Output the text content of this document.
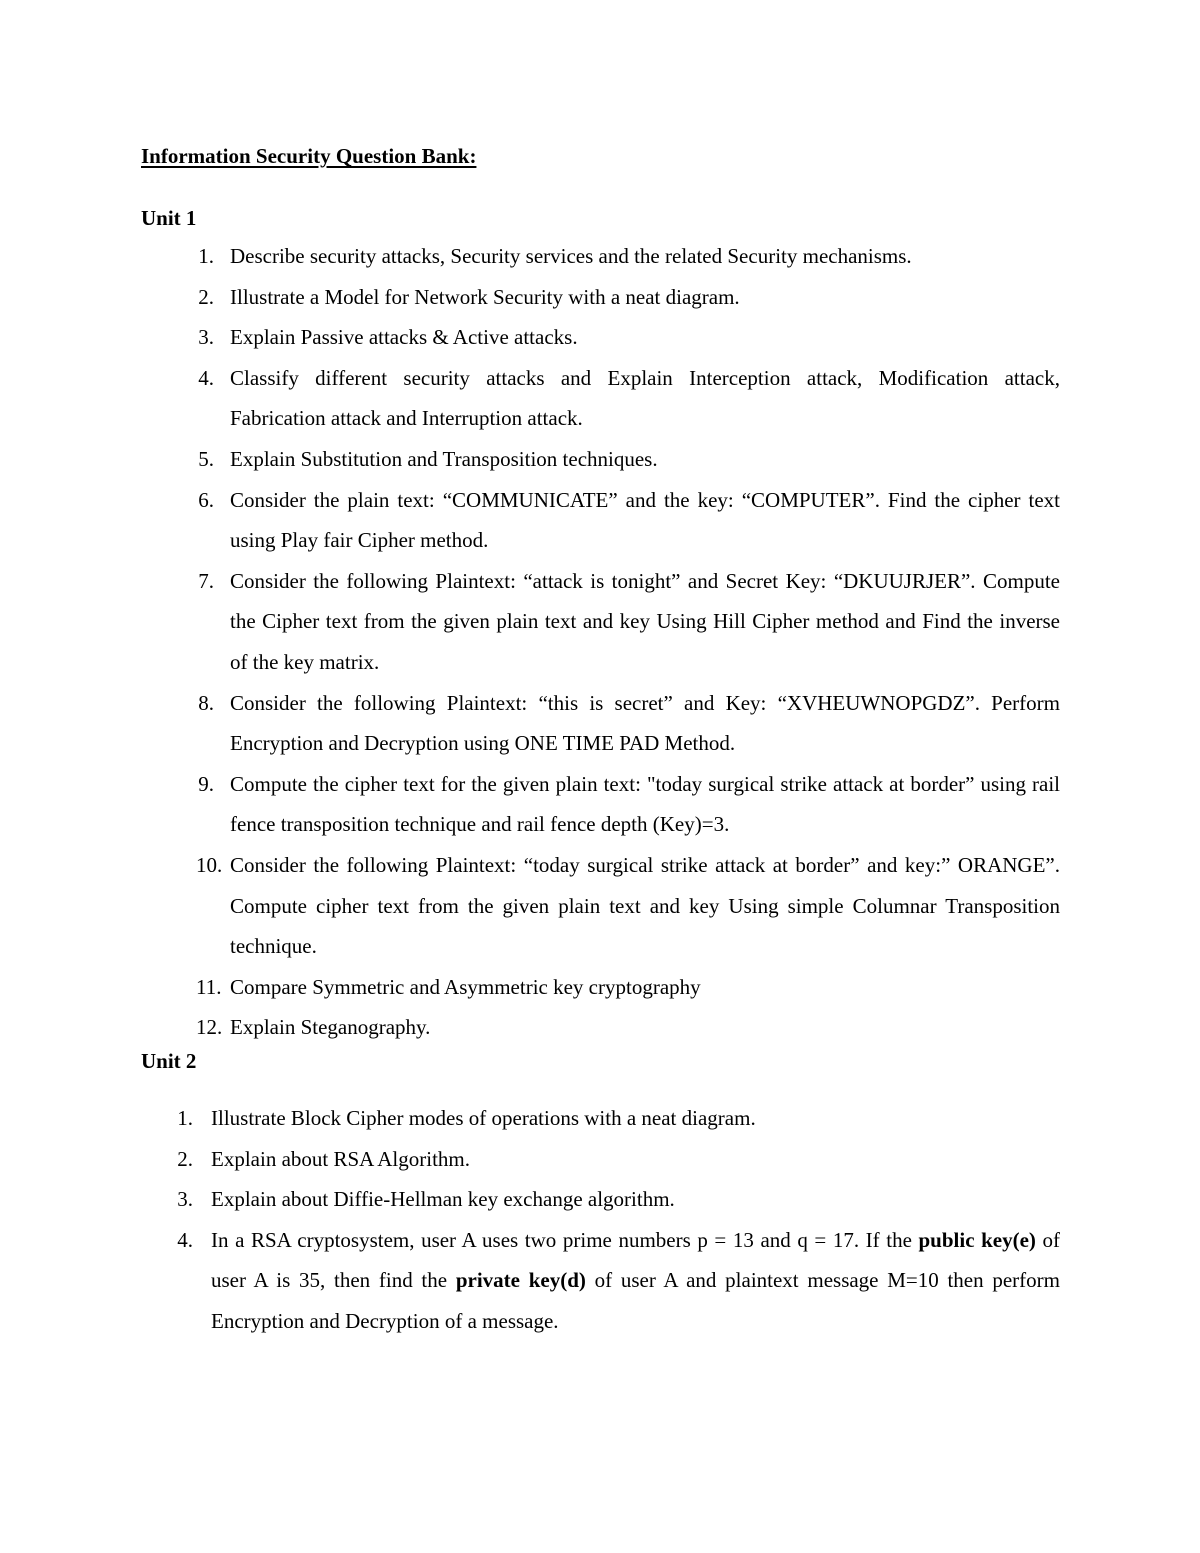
Information Security Question Bank:
Unit 1
1. Describe security attacks, Security services and the related Security mechanisms.
2. Illustrate a Model for Network Security with a neat diagram.
3. Explain Passive attacks & Active attacks.
4. Classify different security attacks and Explain Interception attack, Modification attack, Fabrication attack and Interruption attack.
5. Explain Substitution and Transposition techniques.
6. Consider the plain text: “COMMUNICATE” and the key: “COMPUTER”. Find the cipher text using Play fair Cipher method.
7. Consider the following Plaintext: “attack is tonight” and Secret Key: “DKUUJRJER”. Compute the Cipher text from the given plain text and key Using Hill Cipher method and Find the inverse of the key matrix.
8. Consider the following Plaintext: “this is secret” and Key: “XVHEUWNOPGDZ”. Perform Encryption and Decryption using ONE TIME PAD Method.
9. Compute the cipher text for the given plain text: "today surgical strike attack at border” using rail fence transposition technique and rail fence depth (Key)=3.
10. Consider the following Plaintext: “today surgical strike attack at border” and key:” ORANGE”. Compute cipher text from the given plain text and key Using simple Columnar Transposition technique.
11. Compare Symmetric and Asymmetric key cryptography
12. Explain Steganography.
Unit 2
1. Illustrate Block Cipher modes of operations with a neat diagram.
2. Explain about RSA Algorithm.
3. Explain about Diffie-Hellman key exchange algorithm.
4. In a RSA cryptosystem, user A uses two prime numbers p = 13 and q = 17. If the public key(e) of user A is 35, then find the private key(d) of user A and plaintext message M=10 then perform Encryption and Decryption of a message.
